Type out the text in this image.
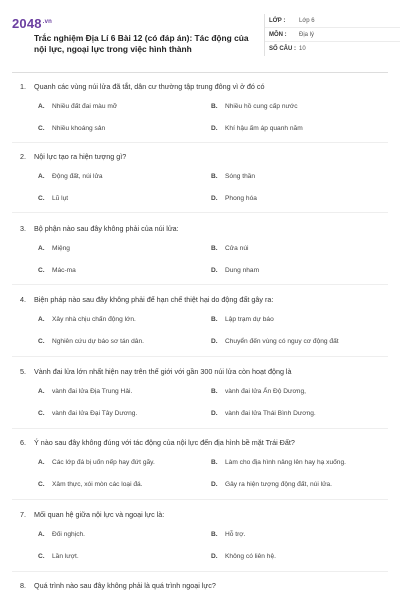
$2048^{.vn}$
Trắc nghiệm Địa Lí 6 Bài 12 (có đáp án): Tác động của nội lực, ngoại lực trong việc hình thành
LỚP :	Lớp 6
MÔN :	Địa lý
SỐ CÂU : 10
1.	Quanh các vùng núi lửa đã tắt, dân cư thường tập trung đông vì ở đó có
A.	Nhiều đất đai màu mỡ	B.	Nhiều hồ cung cấp nước
C.	Nhiều khoáng sản	D.	Khí hậu ấm áp quanh năm
2.	Nội lực tạo ra hiện tượng gì?
A.	Động đất, núi lửa	B.	Sóng thần
C.	Lũ lụt	D.	Phong hóa
3.	Bộ phận nào sau đây không phải của núi lửa:
A.	Miệng	B.	Cửa núi
C.	Mác-ma	D.	Dung nham
4.	Biện pháp nào sau đây không phải để hạn chế thiệt hại do động đất gây ra:
A.	Xây nhà chịu chấn động lớn.	B.	Lập trạm dự báo
C.	Nghiên cứu dự báo sơ tán dân.	D.	Chuyển đến vùng có nguy cơ động đất
5.	Vành đai lửa lớn nhất hiện nay trên thế giới với gần 300 núi lửa còn hoạt động là
A.	vành đai lửa Địa Trung Hải.	B.	vành đai lửa Ấn Độ Dương,
C.	vành đai lửa Đại Tây Dương.	D.	vành đai lửa Thái Bình Dương.
6.	Ý nào sau đây không đúng với tác động của nội lực đến địa hình bề mặt Trái Đất?
A.	Các lớp đá bị uốn nếp hay đứt gãy.	B.	Làm cho địa hình nâng lên hay hạ xuống.
C.	Xâm thực, xói mòn các loại đá.	D.	Gây ra hiện tượng động đất, núi lửa.
7.	Mối quan hệ giữa nội lực và ngoại lực là:
A.	Đối nghịch.	B.	Hỗ trợ.
C.	Lần lượt.	D.	Không có liên hệ.
8.	Quá trình nào sau đây không phải là quá trình ngoại lực?
